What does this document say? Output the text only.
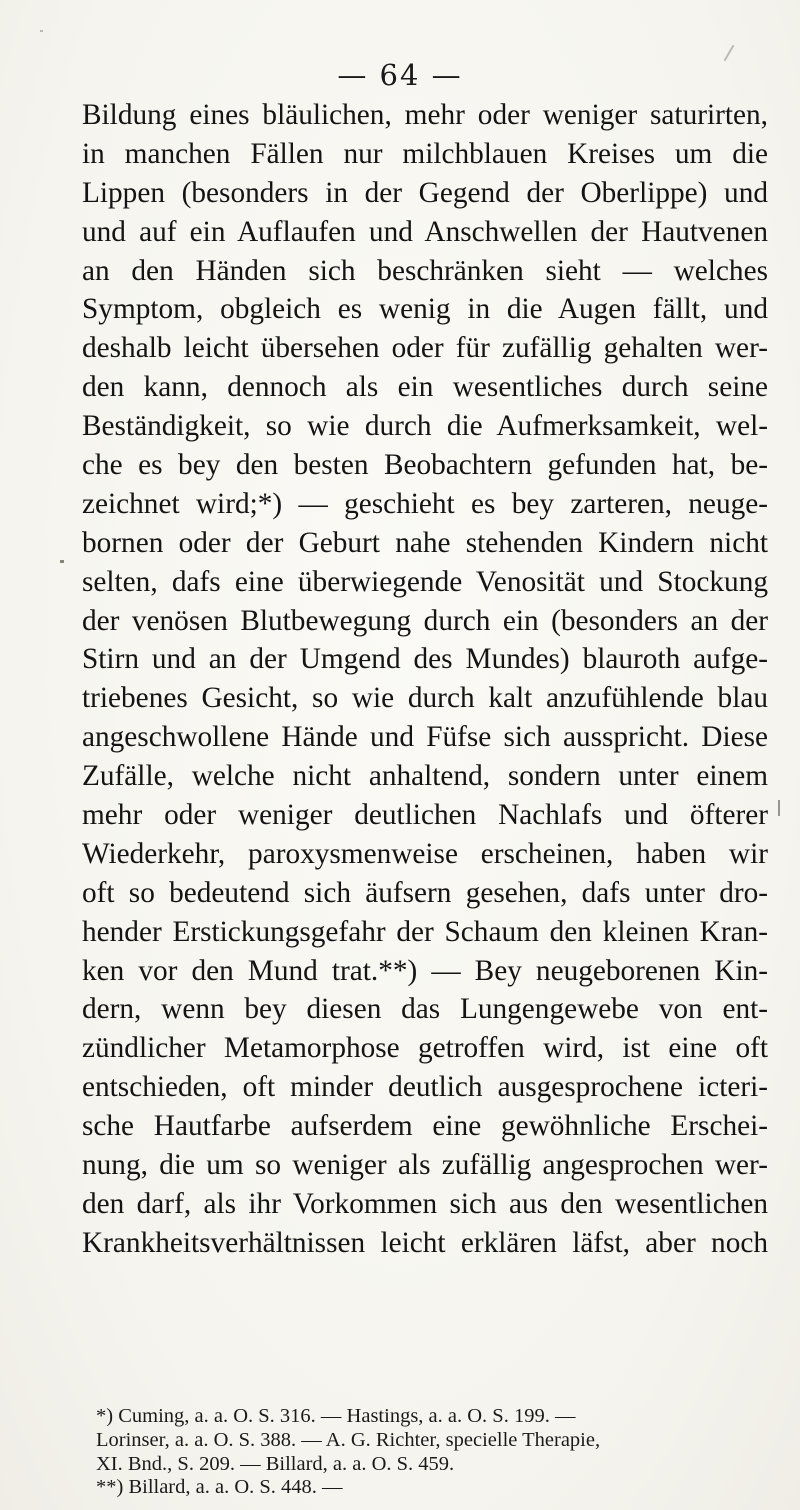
— 64 —
Bildung eines bläulichen, mehr oder weniger saturirten,
in manchen Fällen nur milchblauen Kreises um die
Lippen (besonders in der Gegend der Oberlippe) und
und auf ein Auflaufen und Anschwellen der Hautvenen
an den Händen sich beschränken sieht — welches
Symptom, obgleich es wenig in die Augen fällt, und
deshalb leicht übersehen oder für zufällig gehalten wer-
den kann, dennoch als ein wesentliches durch seine
Beständigkeit, so wie durch die Aufmerksamkeit, wel-
che es bey den besten Beobachtern gefunden hat, be-
zeichnet wird;*) — geschieht es bey zarteren, neuge-
bornen oder der Geburt nahe stehenden Kindern nicht
selten, dafs eine überwiegende Venosität und Stockung
der venösen Blutbewegung durch ein (besonders an der
Stirn und an der Umgend des Mundes) blauroth aufge-
triebenes Gesicht, so wie durch kalt anzufühlende blau
angeschwollene Hände und Füfse sich ausspricht. Diese
Zufälle, welche nicht anhaltend, sondern unter einem
mehr oder weniger deutlichen Nachlafs und öfterer
Wiederkehr, paroxysmenweise erscheinen, haben wir
oft so bedeutend sich äufsern gesehen, dafs unter dro-
hender Erstickungsgefahr der Schaum den kleinen Kran-
ken vor den Mund trat.**) — Bey neugeborenen Kin-
dern, wenn bey diesen das Lungengewebe von ent-
zündlicher Metamorphose getroffen wird, ist eine oft
entschieden, oft minder deutlich ausgesprochene icteri-
sche Hautfarbe aufserdem eine gewöhnliche Erschei-
nung, die um so weniger als zufällig angesprochen wer-
den darf, als ihr Vorkommen sich aus den wesentlichen
Krankheitsverhältnissen leicht erklären läfst, aber noch
*) Cuming, a. a. O. S. 316. — Hastings, a. a. O. S. 199. —
Lorinser, a. a. O. S. 388. — A. G. Richter, specielle Therapie,
XI. Bnd., S. 209. — Billard, a. a. O. S. 459.
**) Billard, a. a. O. S. 448. —
